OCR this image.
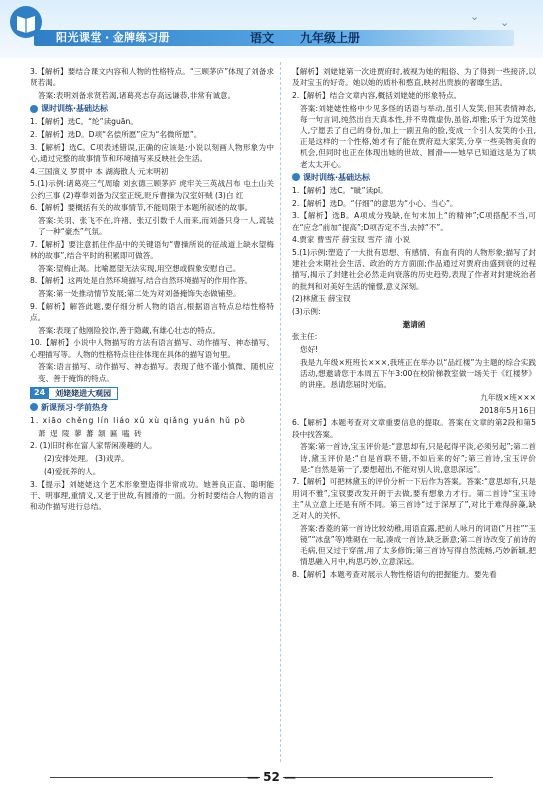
阳光课堂 · 金牌练习册	语文 九年级上册
⌄ ⌄

3.【解析】要结合课文内容和人物的性格特点。“三顾茅庐”体现了刘备求贤若渴。

答案:表明刘备求贤若渴,诸葛亮志存高远谦恭,非常有诚意。

课时训练·基础达标

1.【解析】选C。“纶”读guān。

2.【解析】选D。D项“名偿所愿”应为“名微所愿”。

3.【解析】选C。C项表述错误,正确的应该是:小说以刻画人物形象为中心,通过完整的故事情节和环境描写来反映社会生活。

4.三国演义 罗贯中 本 湖海散人 元末明初

5.(1)示例:诸葛亮三气周瑜 刘玄德三顾茅庐 虎牢关三英战吕布 屯土山关公约三事 (2)尊奉刘备为汉室正统,贬斥曹操为汉室奸贼 (3)白 红

6.【解析】要概括有关的故事情节,不能局限于本题所叙述的故事。

答案:关羽、张飞不在,许褚、张辽引数千人而来,而刘备只身一人,谎装了一种“豪杰”气氛。

7.【解析】要注意抓住作品中的关键语句“曹操所说的征战道上缺水望梅林的故事”,结合平时的积累即可做答。

答案:望梅止渴。比喻愿望无法实现,用空想或假象安慰自己。

8.【解析】这两处是自然环境描写,结合自然环境描写的作用作答。

答案:第一处推动情节发展;第二处为对刘备掩饰失态做铺垫。

9.【解析】解答此题,要仔细分析人物的语言,根据语言特点总结性格特点。

答案:表现了他刚险狡诈,善于隐藏,有雄心壮志的特点。

10.【解析】小说中人物描写的方法有语言描写、动作描写、神态描写、心理描写等。人物的性格特点往往体现在具体的描写语句里。

答案:语言描写、动作描写、神态描写。表现了他不谨小慎微、随机应变、善于掩饰的特点。

24	刘姥姥进大观园
新课预习·学前热身

1. xiāo chěng lín liáo xǔ xù qiǎng yuán hǔ pò

萧 逞 陵 蓼 蕃 颔 匾 嗑 砖

2. (1)旧时称在富人家帮闲凑趣的人。

(2)安排处理。 (3)戏弄。

(4)爱抚养的人。

3.【提示】刘姥姥这个艺术形象塑造得非常成功。她善良正直、聪明能干、明事理,重情义,又老于世故,有圆滑的一面。分析时要结合人物的语言和动作描写进行总结。

【解析】刘姥姥第一次进贾府时,被视为她的粗俗、为了得到一些接济,以及对宝玉的好奇。她以她的质朴和憨直,映衬出贵族的奢靡生活。

2.【解析】结合文章内容,概括刘姥姥的形象特点。

答案:刘姥姥性格中少见多怪的话语与举动,虽引人发笑,但其表情神态,每一句言词,纯然出自天真本性,并不卑微虚伪,虽俗,却雅;乐于为逗笑他人,宁愿丢了自己的身份,加上一副丑角的脸,变成一个引人发笑的小丑,正是这样的一个性格,她才有了能在贾府逗大家笑,分享一些美物美食的机会,但同时也正在体现出她的世故、圆滑——她早已知道这是为了哄老太太开心。

课时训练·基础达标

1.【解析】选C。“眦”读pī。

2.【解析】选D。“仔细”的意思为“小心、当心”。

3.【解析】选B。A项成分残缺,在句末加上“的精神”;C项搭配不当,可在“应念”前加“提高”;D项否定不当,去掉“不”。

4.贾家 曹雪芹 薛宝钗 雪芹 清 小说

5.(1)示例:塑造了一大批有思想、有感情、有血有肉的人物形象;描写了封建社会末期社会生活、政治的方方面面;作品通过对贾府由盛到衰的过程描写,揭示了封建社会必然走向衰落的历史趋势,表现了作者对封建统治者的批判和对美好生活的憧憬,意义深刻。

(2)林黛玉 薛宝钗

(3)示例:

邀请函

张主任:

您好!

我是九年级×班班长×××,我班正在举办以“品红楼”为主题的综合实践活动,想邀请您于本周五下午3:00在校阶梯教室做一场关于《红楼梦》的讲座。恳请您届时光临。

九年级×班×××

2018年5月16日

6.【解析】本题考查对文章重要信息的提取。答案在文章的第2段和第5段中找答案。

答案:第一首诗,宝玉评价是:“意思却有,只是起得平淡,必须另起”;第二首诗,黛玉评价是:“自是首联不错,不如后来的好”;第三首诗,宝玉评价是:“自然是第一了,要想超出,不能对别人说,意思深远”。

7.【解析】可把林黛玉的评价分析一下后作为答案。答案:“意思却有,只是用词不雅”,宝钗要改发开朗于去做,要有想象力才行。第二首诗“宝玉诗主”从立意上还是有所不同。第三首诗“过于深厚了”,对比于难得辞藻,缺乏对人的关怀。

答案:香菱的第一首诗比较幼稚,用语直露,把前人咏月的词语(“月挂”“玉镜”“冰盘”等)堆砌在一起,凑成一首诗,缺乏新意;第二首诗改变了前诗的毛病,但又过于穿凿,用了太多修饰;第三首诗写得自然流畅,巧妙新颖,把情思融入月中,构思巧妙,立意深远。

8.【解析】本题考查对展示人物性格语句的把握能力。要先看

— 52 —
